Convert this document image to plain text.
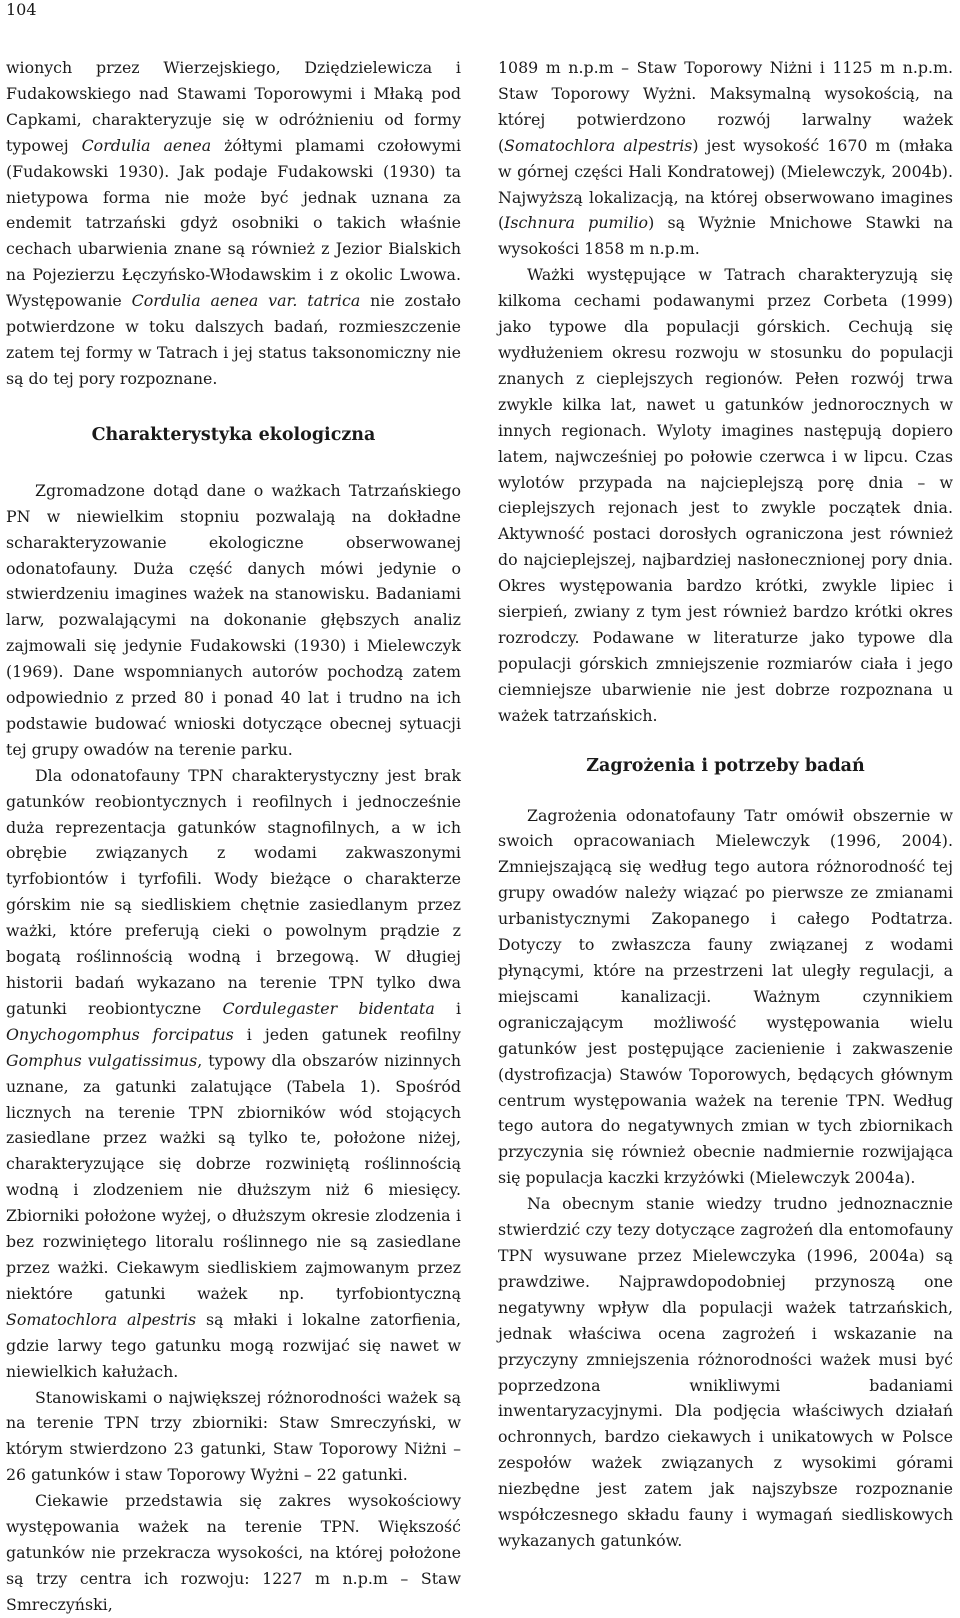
104

wionych przez Wierzejskiego, Dziędzielewicza i Fudakowskiego nad Stawami Toporowymi i Młaką pod Capkami, charakteryzuje się w odróżnieniu od formy typowej Cordulia aenea żółtymi plamami czołowymi (Fudakowski 1930). Jak podaje Fudakowski (1930) ta nietypowa forma nie może być jednak uznana za endemit tatrzański gdyż osobniki o takich właśnie cechach ubarwienia znane są również z Jezior Bialskich na Pojezierzu Łęczyńsko-Włodawskim i z okolic Lwowa. Występowanie Cordulia aenea var. tatrica nie zostało potwierdzone w toku dalszych badań, rozmieszczenie zatem tej formy w Tatrach i jej status taksonomiczny nie są do tej pory rozpoznane.

Charakterystyka ekologiczna

Zgromadzone dotąd dane o ważkach Tatrzańskiego PN w niewielkim stopniu pozwalają na dokładne scharakteryzowanie ekologiczne obserwowanej odonatofauny. Duża część danych mówi jedynie o stwierdzeniu imagines ważek na stanowisku. Badaniami larw, pozwalającymi na dokonanie głębszych analiz zajmowali się jedynie Fudakowski (1930) i Mielewczyk (1969). Dane wspomnianych autorów pochodzą zatem odpowiednio z przed 80 i ponad 40 lat i trudno na ich podstawie budować wnioski dotyczące obecnej sytuacji tej grupy owadów na terenie parku.

Dla odonatofauny TPN charakterystyczny jest brak gatunków reobiontycznych i reofilnych i jednocześnie duża reprezentacja gatunków stagnofilnych, a w ich obrębie związanych z wodami zakwaszonymi tyrfobiontów i tyrfofili. Wody bieżące o charakterze górskim nie są siedliskiem chętnie zasiedlanym przez ważki, które preferują cieki o powolnym prądzie z bogatą roślinnością wodną i brzegową. W długiej historii badań wykazano na terenie TPN tylko dwa gatunki reobiontyczne Cordulegaster bidentata i Onychogomphus forcipatus i jeden gatunek reofilny Gomphus vulgatissimus, typowy dla obszarów nizinnych uznane, za gatunki zalatujące (Tabela 1). Spośród licznych na terenie TPN zbiorników wód stojących zasiedlane przez ważki są tylko te, położone niżej, charakteryzujące się dobrze rozwiniętą roślinnością wodną i zlodzeniem nie dłuższym niż 6 miesięcy. Zbiorniki położone wyżej, o dłuższym okresie zlodzenia i bez rozwiniętego litoralu roślinnego nie są zasiedlane przez ważki. Ciekawym siedliskiem zajmowanym przez niektóre gatunki ważek np. tyrfobiontyczną Somatochlora alpestris są młaki i lokalne zatorfienia, gdzie larwy tego gatunku mogą rozwijać się nawet w niewielkich kałużach.

Stanowiskami o największej różnorodności ważek są na terenie TPN trzy zbiorniki: Staw Smreczyński, w którym stwierdzono 23 gatunki, Staw Toporowy Niżni – 26 gatunków i staw Toporowy Wyżni – 22 gatunki.

Ciekawie przedstawia się zakres wysokościowy występowania ważek na terenie TPN. Większość gatunków nie przekracza wysokości, na której położone są trzy centra ich rozwoju: 1227 m n.p.m – Staw Smreczyński,

1089 m n.p.m – Staw Toporowy Niżni i 1125 m n.p.m. Staw Toporowy Wyżni. Maksymalną wysokością, na której potwierdzono rozwój larwalny ważek (Somatochlora alpestris) jest wysokość 1670 m (młaka w górnej części Hali Kondratowej) (Mielewczyk, 2004b). Najwyższą lokalizacją, na której obserwowano imagines (Ischnura pumilio) są Wyżnie Mnichowe Stawki na wysokości 1858 m n.p.m.

Ważki występujące w Tatrach charakteryzują się kilkoma cechami podawanymi przez Corbeta (1999) jako typowe dla populacji górskich. Cechują się wydłużeniem okresu rozwoju w stosunku do populacji znanych z cieplejszych regionów. Pełen rozwój trwa zwykle kilka lat, nawet u gatunków jednorocznych w innych regionach. Wyloty imagines następują dopiero latem, najwcześniej po połowie czerwca i w lipcu. Czas wylotów przypada na najcieplejszą porę dnia – w cieplejszych rejonach jest to zwykle początek dnia. Aktywność postaci dorosłych ograniczona jest również do najcieplejszej, najbardziej nasłonecznionej pory dnia. Okres występowania bardzo krótki, zwykle lipiec i sierpień, zwiany z tym jest również bardzo krótki okres rozrodczy. Podawane w literaturze jako typowe dla populacji górskich zmniejszenie rozmiarów ciała i jego ciemniejsze ubarwienie nie jest dobrze rozpoznana u ważek tatrzańskich.

Zagrożenia i potrzeby badań

Zagrożenia odonatofauny Tatr omówił obszernie w swoich opracowaniach Mielewczyk (1996, 2004). Zmniejszającą się według tego autora różnorodność tej grupy owadów należy wiązać po pierwsze ze zmianami urbanistycznymi Zakopanego i całego Podtatrza. Dotyczy to zwłaszcza fauny związanej z wodami płynącymi, które na przestrzeni lat uległy regulacji, a miejscami kanalizacji. Ważnym czynnikiem ograniczającym możliwość występowania wielu gatunków jest postępujące zacienienie i zakwaszenie (dystrofizacja) Stawów Toporowych, będących głównym centrum występowania ważek na terenie TPN. Według tego autora do negatywnych zmian w tych zbiornikach przyczynia się również obecnie nadmiernie rozwijająca się populacja kaczki krzyżówki (Mielewczyk 2004a).

Na obecnym stanie wiedzy trudno jednoznacznie stwierdzić czy tezy dotyczące zagrożeń dla entomofauny TPN wysuwane przez Mielewczyka (1996, 2004a) są prawdziwe. Najprawdopodobniej przynoszą one negatywny wpływ dla populacji ważek tatrzańskich, jednak właściwa ocena zagrożeń i wskazanie na przyczyny zmniejszenia różnorodności ważek musi być poprzedzona wnikliwymi badaniami inwentaryzacyjnymi. Dla podjęcia właściwych działań ochronnych, bardzo ciekawych i unikatowych w Polsce zespołów ważek związanych z wysokimi górami niezbędne jest zatem jak najszybsze rozpoznanie współczesnego składu fauny i wymagań siedliskowych wykazanych gatunków.
